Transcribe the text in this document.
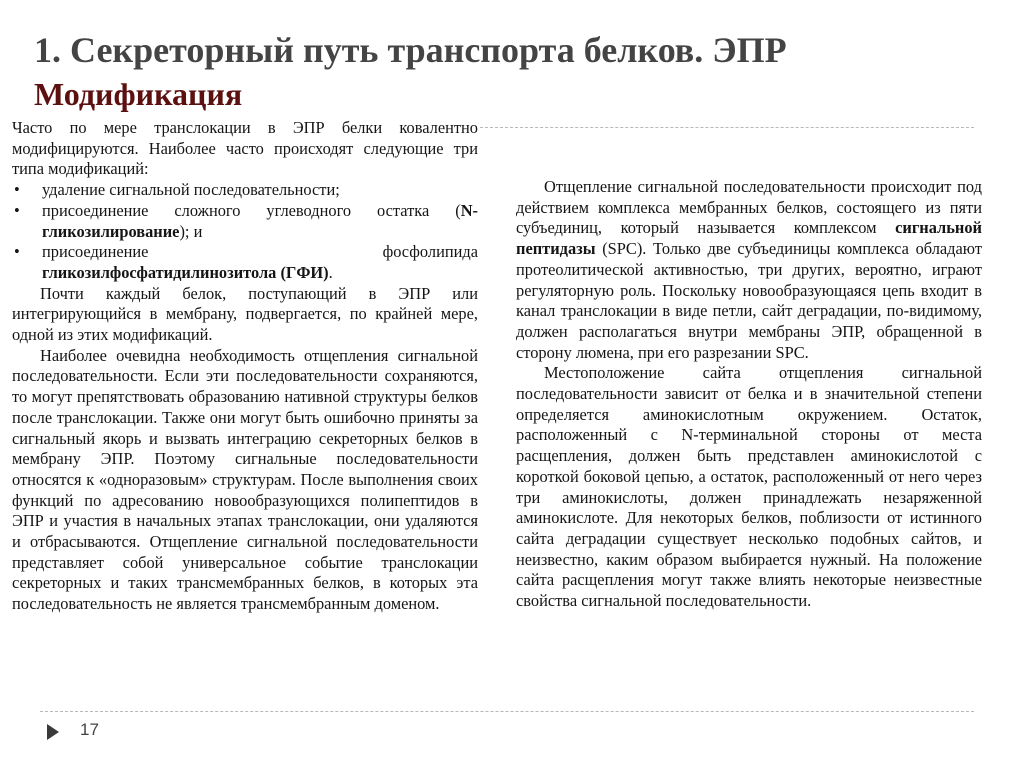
1. Секреторный путь транспорта белков. ЭПР
Модификация

Часто по мере транслокации в ЭПР белки ковалентно модифицируются. Наиболее часто происходят следующие три типа модификаций:

• удаление сигнальной последовательности;
• присоединение сложного углеводного остатка (N-гликозилирование); и
• присоединение фосфолипида гликозилфосфатидилинозитола (ГФИ).

Почти каждый белок, поступающий в ЭПР или интегрирующийся в мембрану, подвергается, по крайней мере, одной из этих модификаций.

Наиболее очевидна необходимость отщепления сигнальной последовательности. Если эти последовательности сохраняются, то могут препятствовать образованию нативной структуры белков после транслокации. Также они могут быть ошибочно приняты за сигнальный якорь и вызвать интеграцию секреторных белков в мембрану ЭПР. Поэтому сигнальные последовательности относятся к «одноразовым» структурам. После выполнения своих функций по адресованию новообразующихся полипептидов в ЭПР и участия в начальных этапах транслокации, они удаляются и отбрасываются. Отщепление сигнальной последовательности представляет собой универсальное событие транслокации секреторных и таких трансмембранных белков, в которых эта последовательность не является трансмембранным доменом.

Отщепление сигнальной последовательности происходит под действием комплекса мембранных белков, состоящего из пяти субъединиц, который называется комплексом сигнальной пептидазы (SPC). Только две субъединицы комплекса обладают протеолитической активностью, три других, вероятно, играют регуляторную роль. Поскольку новообразующаяся цепь входит в канал транслокации в виде петли, сайт деградации, по-видимому, должен располагаться внутри мембраны ЭПР, обращенной в сторону люмена, при его разрезании SPC.

Местоположение сайта отщепления сигнальной последовательности зависит от белка и в значительной степени определяется аминокислотным окружением. Остаток, расположенный с N-терминальной стороны от места расщепления, должен быть представлен аминокислотой с короткой боковой цепью, а остаток, расположенный от него через три аминокислоты, должен принадлежать незаряженной аминокислоте. Для некоторых белков, поблизости от истинного сайта деградации существует несколько подобных сайтов, и неизвестно, каким образом выбирается нужный. На положение сайта расщепления могут также влиять некоторые неизвестные свойства сигнальной последовательности.

17
